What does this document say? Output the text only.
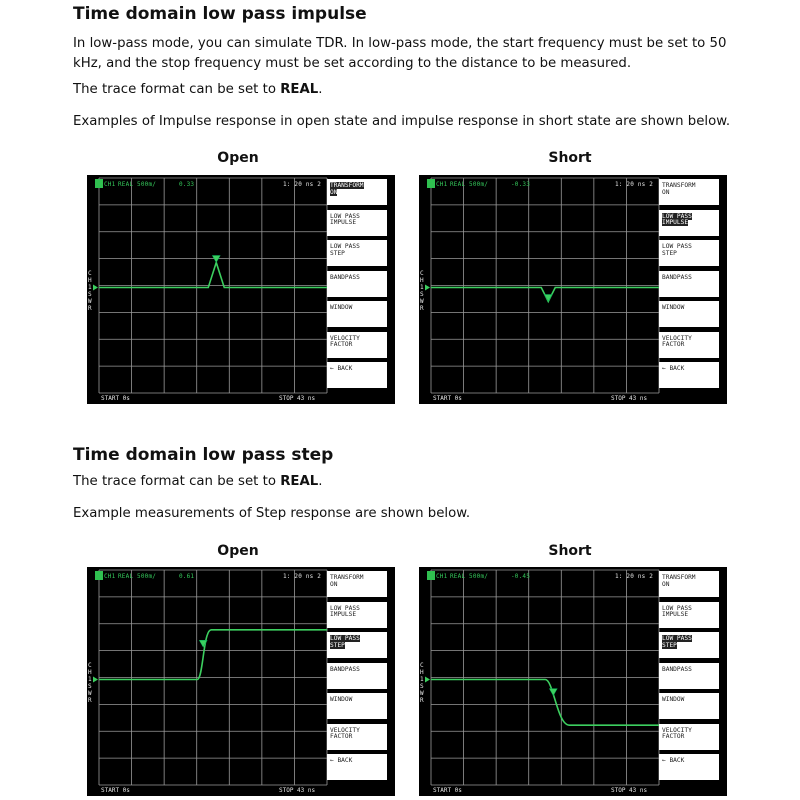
Time domain low pass impulse

In low-pass mode, you can simulate TDR. In low-pass mode, the start frequency must be set to 50 kHz, and the stop frequency must be set according to the distance to be measured.

The trace format can be set to REAL.

Examples of Impulse response in open state and impulse response in short state are shown below.

Open	Short
CH1 REAL 500m/	0.33	1: 20 ns 2
CH1 SWR
START 0s	STOP 43 ns
TRANSFORM
ON
LOW PASS
IMPULSE
LOW PASS
STEP
BANDPASS
WINDOW
VELOCITY
FACTOR
← BACK
CH1 REAL 500m/	-0.33	1: 20 ns 2
CH1 SWR
START 0s	STOP 43 ns
TRANSFORM
ON
LOW PASS
IMPULSE
LOW PASS
STEP
BANDPASS
WINDOW
VELOCITY
FACTOR
← BACK
Time domain low pass step

The trace format can be set to REAL.

Example measurements of Step response are shown below.

Open	Short
CH1 REAL 500m/	0.61	1: 20 ns 2
CH1 SWR
START 0s	STOP 43 ns
TRANSFORM
ON
LOW PASS
IMPULSE
LOW PASS
STEP
BANDPASS
WINDOW
VELOCITY
FACTOR
← BACK
CH1 REAL 500m/	-0.45	1: 20 ns 2
CH1 SWR
START 0s	STOP 43 ns
TRANSFORM
ON
LOW PASS
IMPULSE
LOW PASS
STEP
BANDPASS
WINDOW
VELOCITY
FACTOR
← BACK
